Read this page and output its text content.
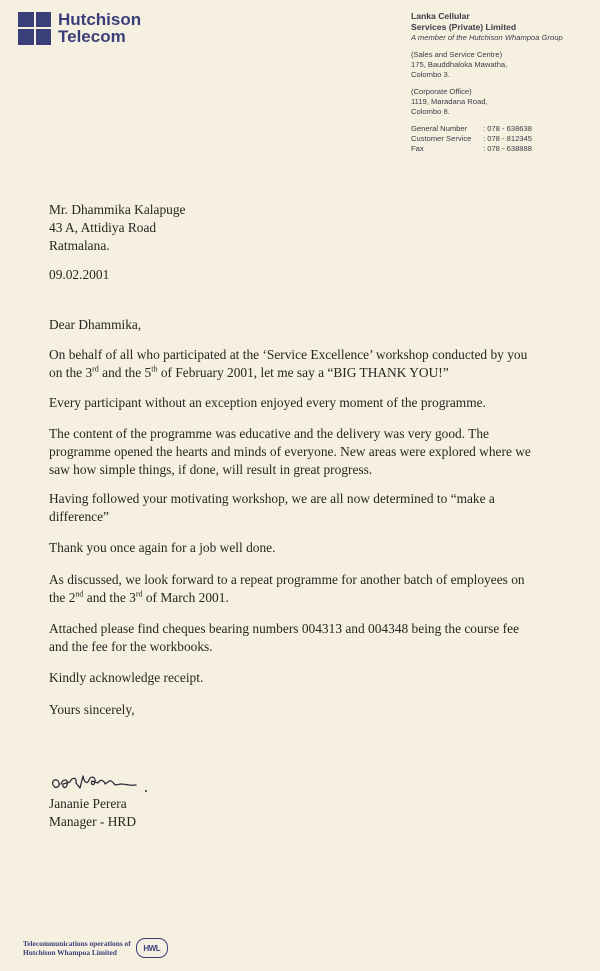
Hutchison
Telecom
Lanka Cellular
Services (Private) Limited
A member of the Hutchison Whampoa Group
(Sales and Service Centre)
175, Bauddhaloka Mawatha,
Colombo 3.
(Corporate Office)
1119, Maradana Road,
Colombo 8.
General Number	: 078 - 638638
Customer Service	: 078 - 812345
Fax	: 078 - 638888
Mr. Dhammika Kalapuge
43 A, Attidiya Road
Ratmalana.
09.02.2001
Dear Dhammika,
On behalf of all who participated at the ‘Service Excellence’ workshop conducted by you
on the 3rd and the 5th of February 2001, let me say a “BIG THANK YOU!”
Every participant without an exception enjoyed every moment of the programme.
The content of the programme was educative and the delivery was very good. The
programme opened the hearts and minds of everyone. New areas were explored where we
saw how simple things, if done, will result in great progress.
Having followed your motivating workshop, we are all now determined to “make a
difference”
Thank you once again for a job well done.
As discussed, we look forward to a repeat programme for another batch of employees on
the 2nd and the 3rd of March 2001.
Attached please find cheques bearing numbers 004313 and 004348 being the course fee
and the fee for the workbooks.
Kindly acknowledge receipt.
Yours sincerely,
Jananie Perera
Manager - HRD
Telecommunications operations of
Hutchison Whampoa Limited	HWL
